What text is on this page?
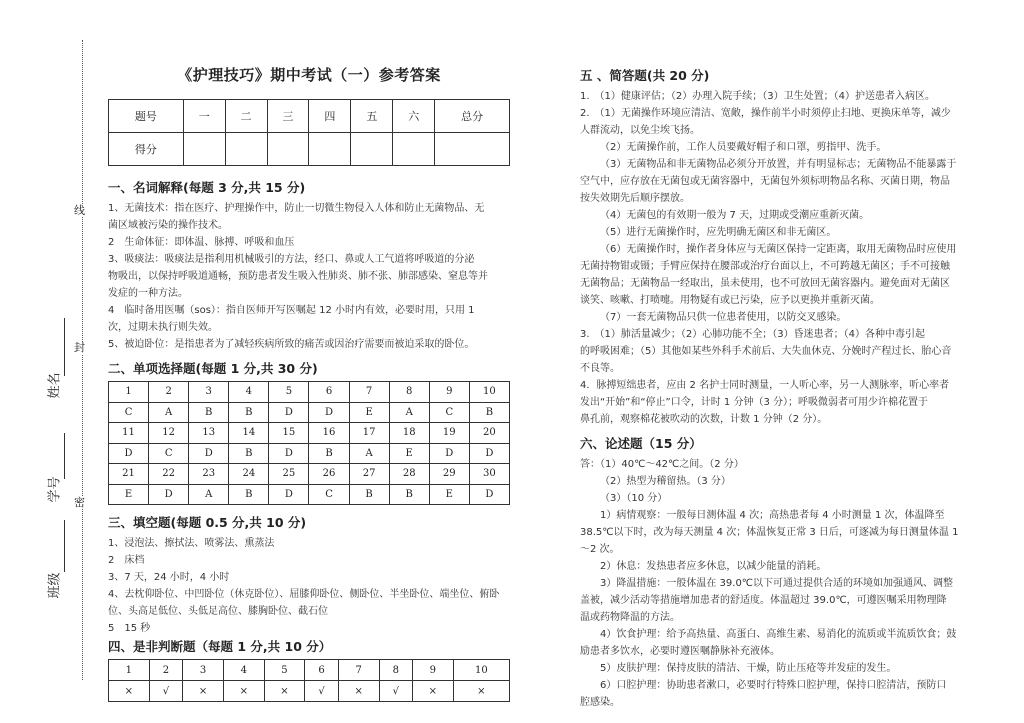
线
封
密
姓名
学号
班级
《护理技巧》期中考试（一）参考答案
题号	一	二	三	四	五	六	总分
得分							
一、名词解释(每题 3 分,共 15 分)
1、无菌技术：指在医疗、护理操作中，防止一切微生物侵入人体和防止无菌物品、无
菌区域被污染的操作技术。
2　生命体征：即体温、脉搏、呼吸和血压
3、吸痰法：吸痰法是指利用机械吸引的方法，经口、鼻或人工气道将呼吸道的分泌
物吸出，以保持呼吸道通畅，预防患者发生吸入性肺炎、肺不张、肺部感染、窒息等并
发症的一种方法。
4　临时备用医嘱（sos）：指自医师开写医嘱起 12 小时内有效，必要时用，只用 1
次，过期未执行则失效。
5、被迫卧位：是指患者为了减轻疾病所致的痛苦或因治疗需要而被迫采取的卧位。
二、单项选择题(每题 1 分,共 30 分)
1	2	3	4	5	6	7	8	9	10
C	A	B	B	D	D	E	A	C	B
11	12	13	14	15	16	17	18	19	20
D	C	D	B	D	B	A	E	D	D
21	22	23	24	25	26	27	28	29	30
E	D	A	B	D	C	B	B	E	D
三、填空题(每题 0.5 分,共 10 分)
1、浸泡法、擦拭法、喷雾法、熏蒸法
2　床档
3、7 天，24 小时，4 小时
4、去枕仰卧位、中凹卧位（休克卧位）、屈膝仰卧位、侧卧位、半坐卧位、端坐位、俯卧
位、头高足低位、头低足高位、膝胸卧位、截石位
5　15 秒
四、是非判断题（每题 1 分,共 10 分）
1	2	3	4	5	6	7	8	9	10
×	√	×	×	×	√	×	√	×	×
五 、简答题(共 20 分)
1.　（1）健康评估；（2）办理入院手续；（3）卫生处置；（4）护送患者入病区。
2.　（1）无菌操作环境应清洁、宽敞，操作前半小时须停止扫地、更换床单等，减少
人群流动，以免尘埃飞扬。
（2）无菌操作前，工作人员要戴好帽子和口罩，剪指甲、洗手。
（3）无菌物品和非无菌物品必须分开放置，并有明显标志；无菌物品不能暴露于
空气中，应存放在无菌包或无菌容器中，无菌包外须标明物品名称、灭菌日期，物品
按失效期先后顺序摆放。
（4）无菌包的有效期一般为 7 天，过期或受潮应重新灭菌。
（5）进行无菌操作时，应先明确无菌区和非无菌区。
（6）无菌操作时，操作者身体应与无菌区保持一定距离，取用无菌物品时应使用
无菌持物钳或镊；手臂应保持在腰部或治疗台面以上，不可跨越无菌区；手不可接触
无菌物品；无菌物品一经取出，虽未使用，也不可放回无菌容器内。避免面对无菌区
谈笑、咳嗽、打喷嚏。用物疑有或已污染，应予以更换并重新灭菌。
（7）一套无菌物品只供一位患者使用，以防交叉感染。
3.　（1）肺活量减少；（2）心肺功能不全；（3）昏迷患者；（4）各种中毒引起
的呼吸困难；（5）其他如某些外科手术前后、大失血休克、分娩时产程过长、胎心音
不良等。
4．脉搏短绌患者，应由 2 名护士同时测量，一人听心率，另一人测脉率，听心率者
发出“开始”和“停止”口令，计时 1 分钟（3 分）；呼吸微弱者可用少许棉花置于
鼻孔前，观察棉花被吹动的次数，计数 1 分钟（2 分）。
六、论述题（15 分）
答：（1）40℃～42℃之间。（2 分）
（2）热型为稽留热。（3 分）
（3）（10 分）
1）病情观察：一般每日测体温 4 次；高热患者每 4 小时测量 1 次，体温降至
38.5℃以下时，改为每天测量 4 次；体温恢复正常 3 日后，可逐减为每日测量体温 1
～2 次。
2）休息：发热患者应多休息，以减少能量的消耗。
3）降温措施：一般体温在 39.0℃以下可通过提供合适的环境如加强通风、调整
盖被，减少活动等措施增加患者的舒适度。体温超过 39.0℃，可遵医嘱采用物理降
温或药物降温的方法。
4）饮食护理：给予高热量、高蛋白、高维生素、易消化的流质或半流质饮食；鼓
励患者多饮水，必要时遵医嘱静脉补充液体。
5）皮肤护理：保持皮肤的清洁、干燥，防止压疮等并发症的发生。
6）口腔护理：协助患者漱口，必要时行特殊口腔护理，保持口腔清洁，预防口
腔感染。
